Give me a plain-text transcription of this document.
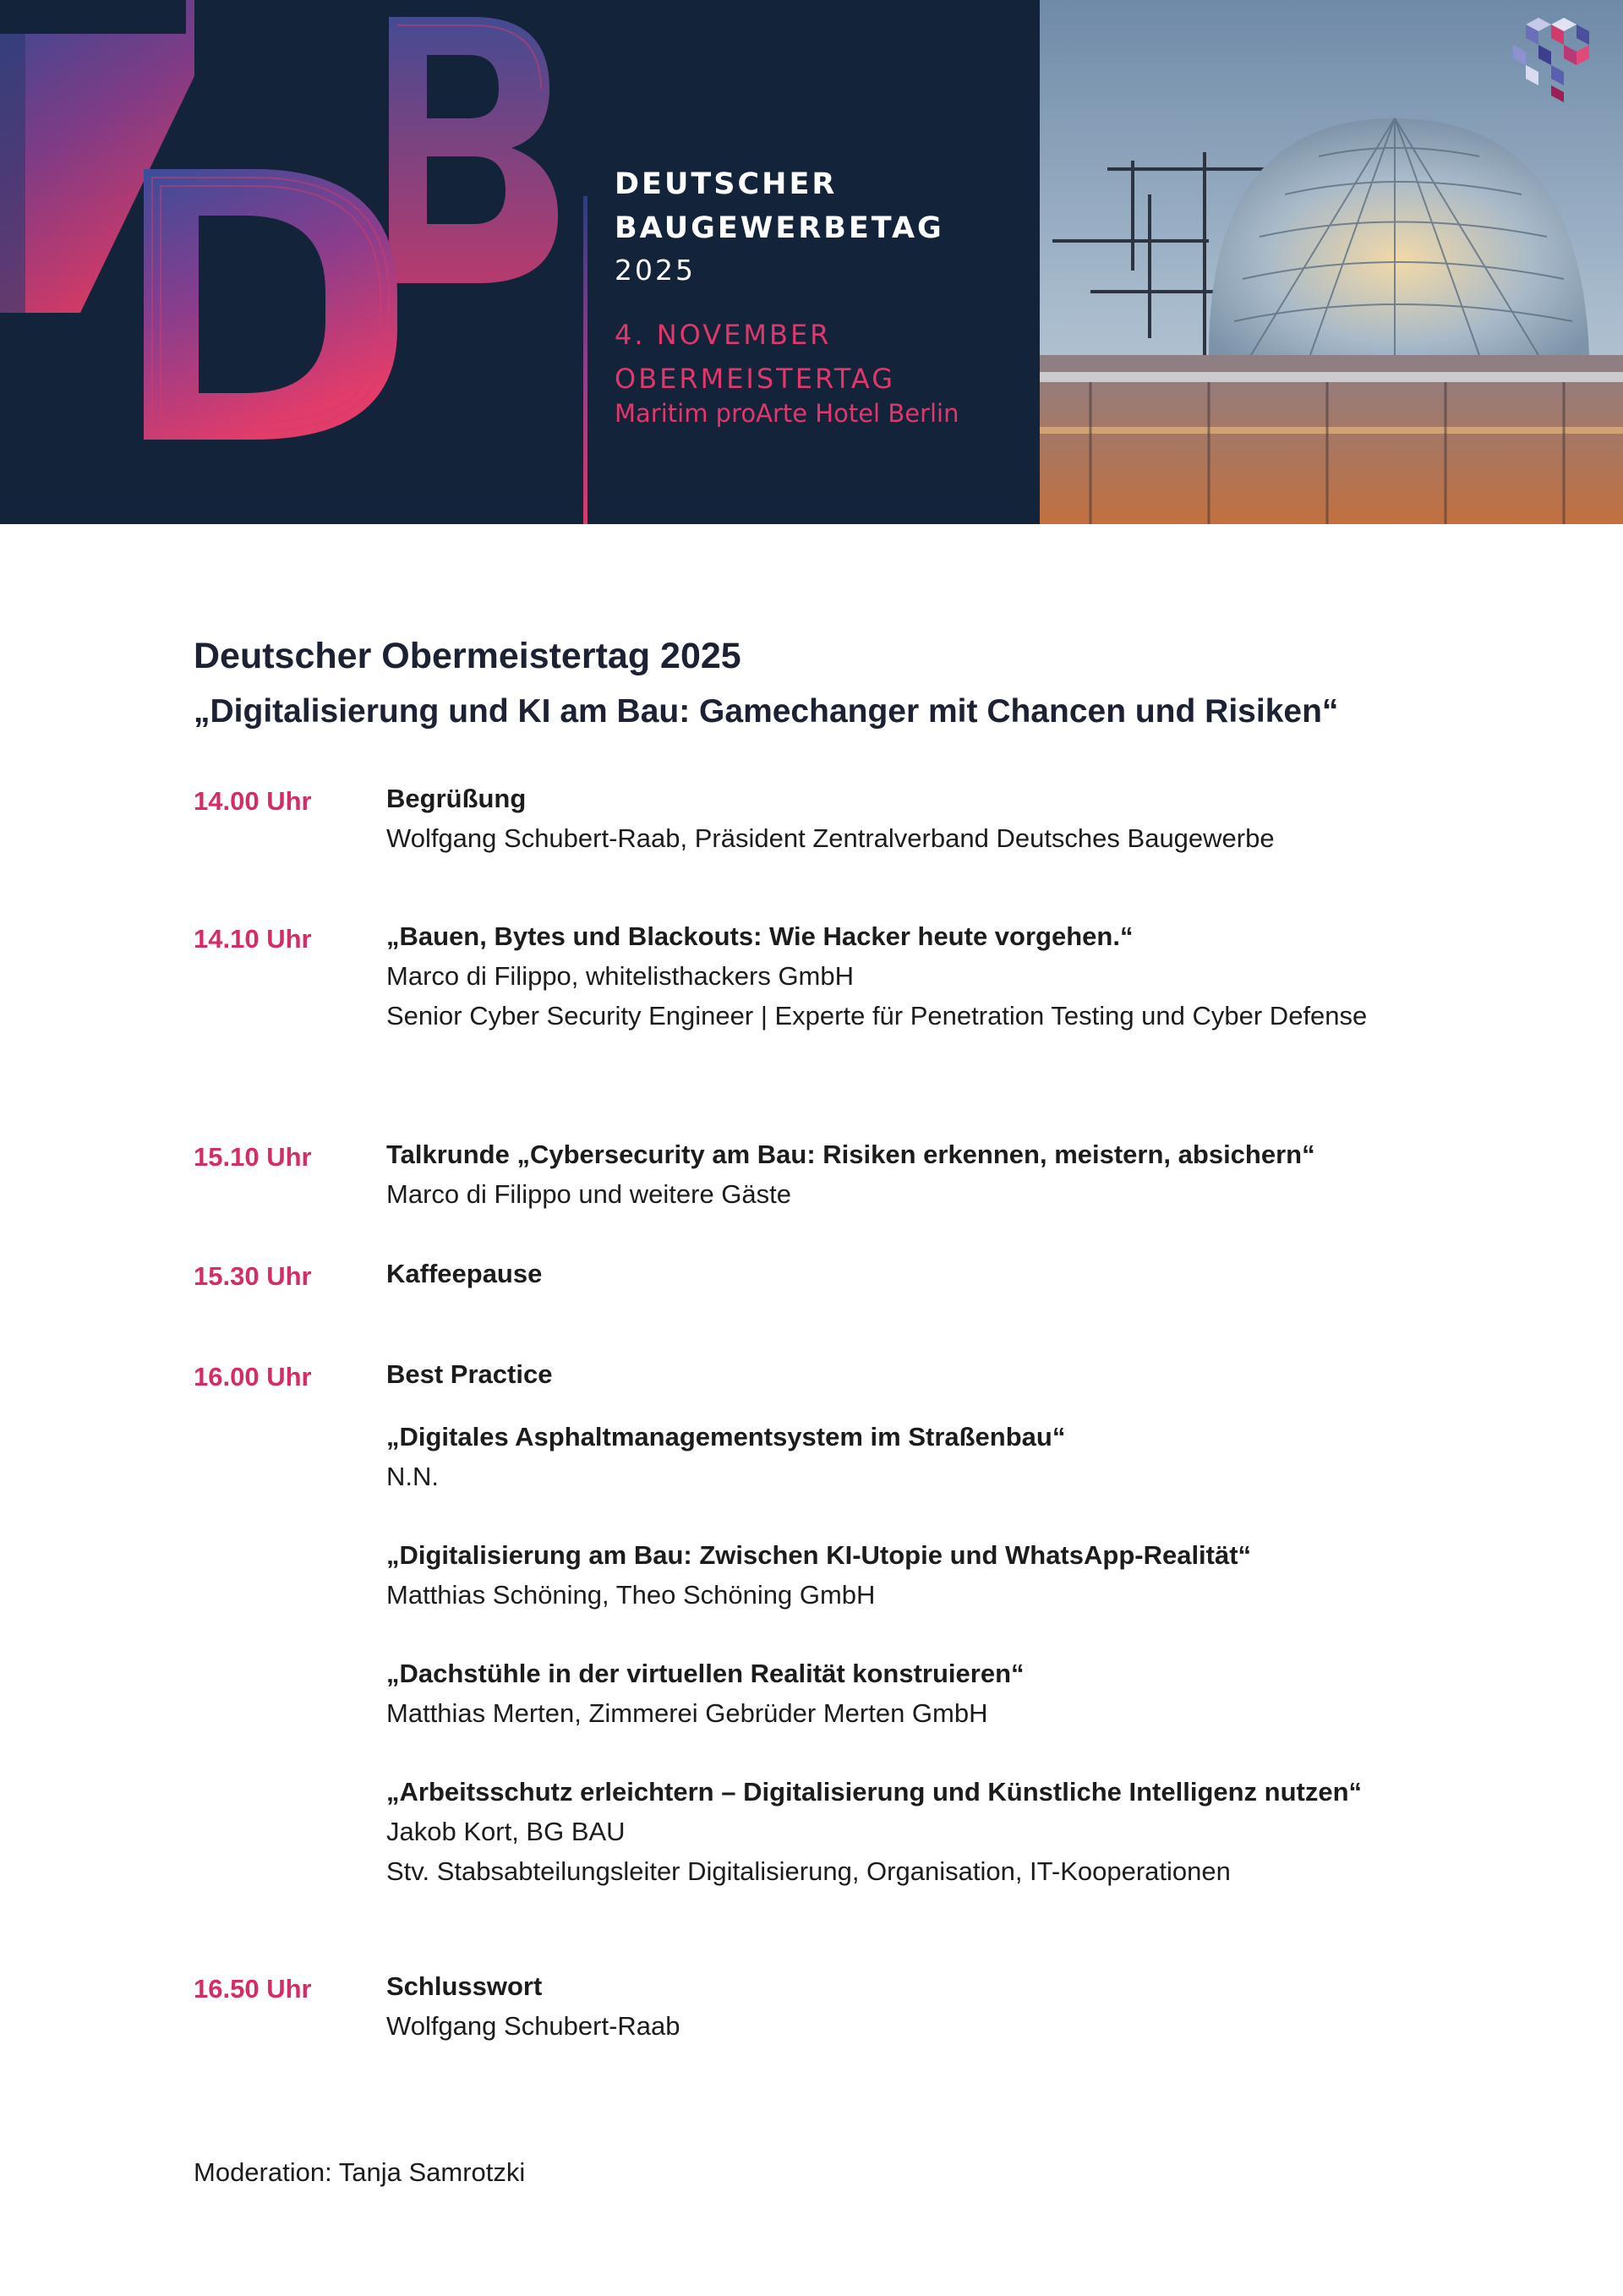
DEUTSCHER
BAUGEWERBETAG
2025
4. NOVEMBER
OBERMEISTERTAG
Maritim proArte Hotel Berlin
Deutscher Obermeistertag 2025
„Digitalisierung und KI am Bau: Gamechanger mit Chancen und Risiken“
14.00 Uhr	Begrüßung
Wolfgang Schubert-Raab, Präsident Zentralverband Deutsches Baugewerbe
14.10 Uhr	„Bauen, Bytes und Blackouts: Wie Hacker heute vorgehen.“
Marco di Filippo, whitelisthackers GmbH
Senior Cyber Security Engineer | Experte für Penetration Testing und Cyber Defense
15.10 Uhr	Talkrunde „Cybersecurity am Bau: Risiken erkennen, meistern, absichern“
Marco di Filippo und weitere Gäste
15.30 Uhr	Kaffeepause
16.00 Uhr	Best Practice
„Digitales Asphaltmanagementsystem im Straßenbau“
N.N.
„Digitalisierung am Bau: Zwischen KI-Utopie und WhatsApp-Realität“
Matthias Schöning, Theo Schöning GmbH
„Dachstühle in der virtuellen Realität konstruieren“
Matthias Merten, Zimmerei Gebrüder Merten GmbH
„Arbeitsschutz erleichtern – Digitalisierung und Künstliche Intelligenz nutzen“
Jakob Kort, BG BAU
Stv. Stabsabteilungsleiter Digitalisierung, Organisation, IT-Kooperationen
16.50 Uhr	Schlusswort
Wolfgang Schubert-Raab
Moderation: Tanja Samrotzki
